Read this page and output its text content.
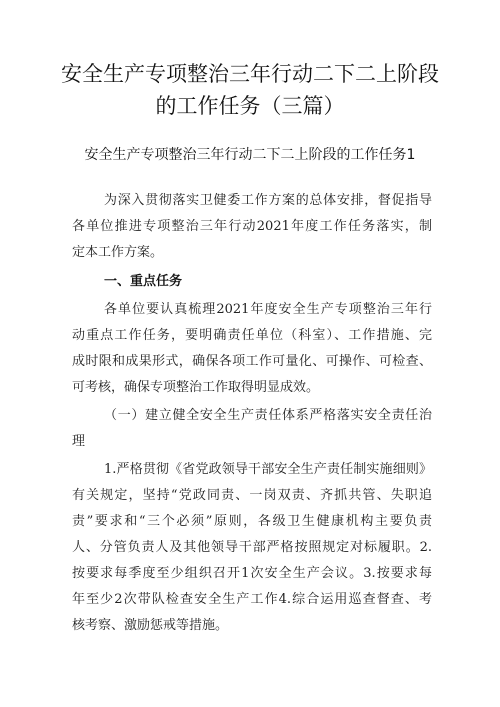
安全生产专项整治三年行动二下二上阶段
的工作任务（三篇）
安全生产专项整治三年行动二下二上阶段的工作任务1
为深入贯彻落实卫健委工作方案的总体安排，督促指导
各单位推进专项整治三年行动2021年度工作任务落实，制
定本工作方案。
一、重点任务
各单位要认真梳理2021年度安全生产专项整治三年行
动重点工作任务，要明确责任单位（科室）、工作措施、完
成时限和成果形式，确保各项工作可量化、可操作、可检查、
可考核，确保专项整治工作取得明显成效。
（一）建立健全安全生产责任体系严格落实安全责任治
理
1.严格贯彻《省党政领导干部安全生产责任制实施细则》
有关规定，坚持“党政同责、一岗双责、齐抓共管、失职追
责”要求和“三个必须”原则，各级卫生健康机构主要负责
人、分管负责人及其他领导干部严格按照规定对标履职。2.
按要求每季度至少组织召开1次安全生产会议。3.按要求每
年至少2次带队检查安全生产工作4.综合运用巡查督查、考
核考察、激励惩戒等措施。
